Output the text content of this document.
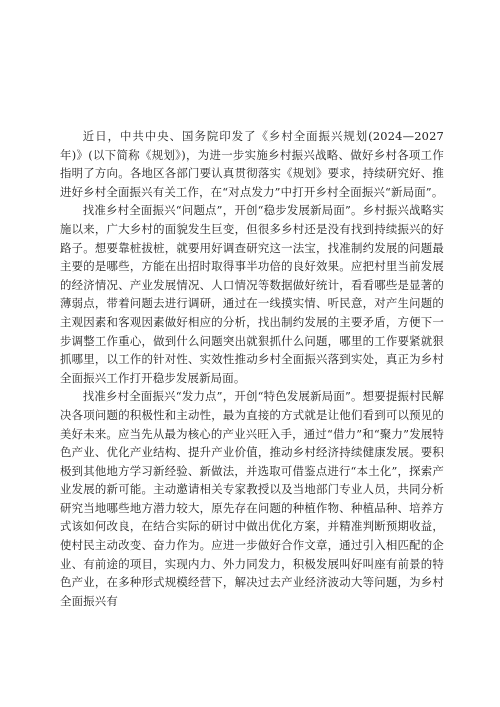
近日，中共中央、国务院印发了《乡村全面振兴规划(2024—2027年)》(以下简称《规划》)，为进一步实施乡村振兴战略、做好乡村各项工作指明了方向。各地区各部门要认真贯彻落实《规划》要求，持续研究好、推进好乡村全面振兴有关工作，在“对点发力”中打开乡村全面振兴“新局面”。

找准乡村全面振兴“问题点”，开创“稳步发展新局面”。乡村振兴战略实施以来，广大乡村的面貌发生巨变，但很多乡村还是没有找到持续振兴的好路子。想要靠桩拔桩，就要用好调查研究这一法宝，找准制约发展的问题最主要的是哪些，方能在出招时取得事半功倍的良好效果。应把村里当前发展的经济情况、产业发展情况、人口情况等数据做好统计，看看哪些是显著的薄弱点，带着问题去进行调研，通过在一线摸实情、听民意，对产生问题的主观因素和客观因素做好相应的分析，找出制约发展的主要矛盾，方便下一步调整工作重心，做到什么问题突出就狠抓什么问题，哪里的工作要紧就狠抓哪里，以工作的针对性、实效性推动乡村全面振兴落到实处，真正为乡村全面振兴工作打开稳步发展新局面。

找准乡村全面振兴“发力点”，开创“特色发展新局面”。想要提振村民解决各项问题的积极性和主动性，最为直接的方式就是让他们看到可以预见的美好未来。应当先从最为核心的产业兴旺入手，通过“借力”和“聚力”发展特色产业、优化产业结构、提升产业价值，推动乡村经济持续健康发展。要积极到其他地方学习新经验、新做法，并选取可借鉴点进行“本土化”，探索产业发展的新可能。主动邀请相关专家教授以及当地部门专业人员，共同分析研究当地哪些地方潜力较大，原先存在问题的种植作物、种植品种、培养方式该如何改良，在结合实际的研讨中做出优化方案，并精准判断预期收益，使村民主动改变、奋力作为。应进一步做好合作文章，通过引入相匹配的企业、有前途的项目，实现内力、外力同发力，积极发展叫好叫座有前景的特色产业，在多种形式规模经营下，解决过去产业经济波动大等问题，为乡村全面振兴有
